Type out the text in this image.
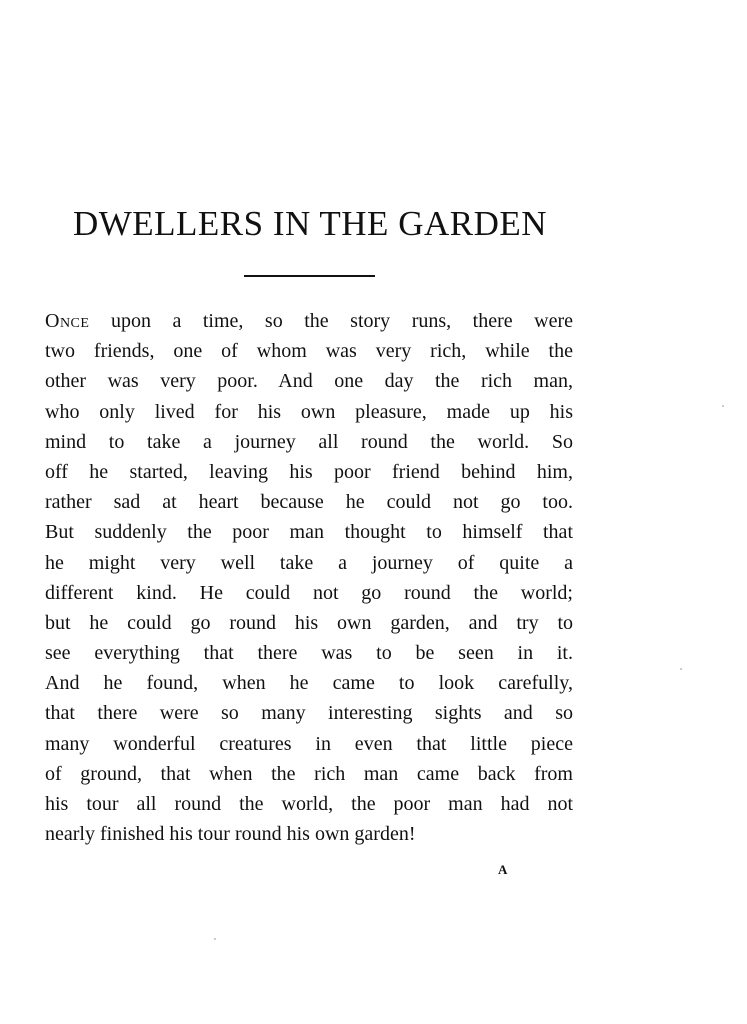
DWELLERS IN THE GARDEN
Once upon a time, so the story runs, there were
two friends, one of whom was very rich, while the
other was very poor. And one day the rich man,
who only lived for his own pleasure, made up his
mind to take a journey all round the world. So
off he started, leaving his poor friend behind him,
rather sad at heart because he could not go too.
But suddenly the poor man thought to himself that
he might very well take a journey of quite a
different kind. He could not go round the world;
but he could go round his own garden, and try to
see everything that there was to be seen in it.
And he found, when he came to look carefully,
that there were so many interesting sights and so
many wonderful creatures in even that little piece
of ground, that when the rich man came back from
his tour all round the world, the poor man had not
nearly finished his tour round his own garden!
A
